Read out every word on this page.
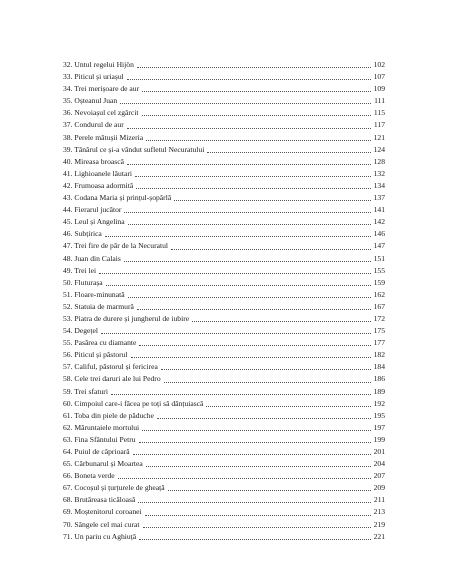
32. Untul regelui Hijön	102
33. Piticul și uriașul	107
34. Trei merișoare de aur	109
35. Oșteanul Juan	111
36. Nevoiașul cel zgârcit	115
37. Condurul de aur	117
38. Perele mătușii Mizeria	121
39. Tânărul ce și-a vândut sufletul Necuratului	124
40. Mireasa broască	128
41. Lighioanele lăutari	132
42. Frumoasa adormită	134
43. Codana Maria și prințul-șopârlă	137
44. Fierarul jucător	141
45. Leul și Angelina	142
46. Subțirica	146
47. Trei fire de păr de la Necuratul	147
48. Juan din Calais	151
49. Trei lei	155
50. Fluturașa	159
51. Floare-minunată	162
52. Statuia de marmură	167
53. Piatra de durere și jungherul de iubire	172
54. Degețel	175
55. Pasărea cu diamante	177
56. Piticul și păstorul	182
57. Califul, păstorul și fericirea	184
58. Cele trei daruri ale lui Pedro	186
59. Trei sfaturi	189
60. Cimpoiul care-i făcea pe toți să dănțuiască	192
61. Toba din piele de păduche	195
62. Măruntaiele mortului	197
63. Fina Sfântului Petru	199
64. Puiul de căprioară	201
65. Cărbunarul și Moartea	204
66. Boneta verde	207
67. Cocoșul și țurțurele de gheață	209
68. Brutăreasa ticăloasă	211
69. Moștenitorul coroanei	213
70. Sângele cel mai curat	219
71. Un pariu cu Aghiuță	221
